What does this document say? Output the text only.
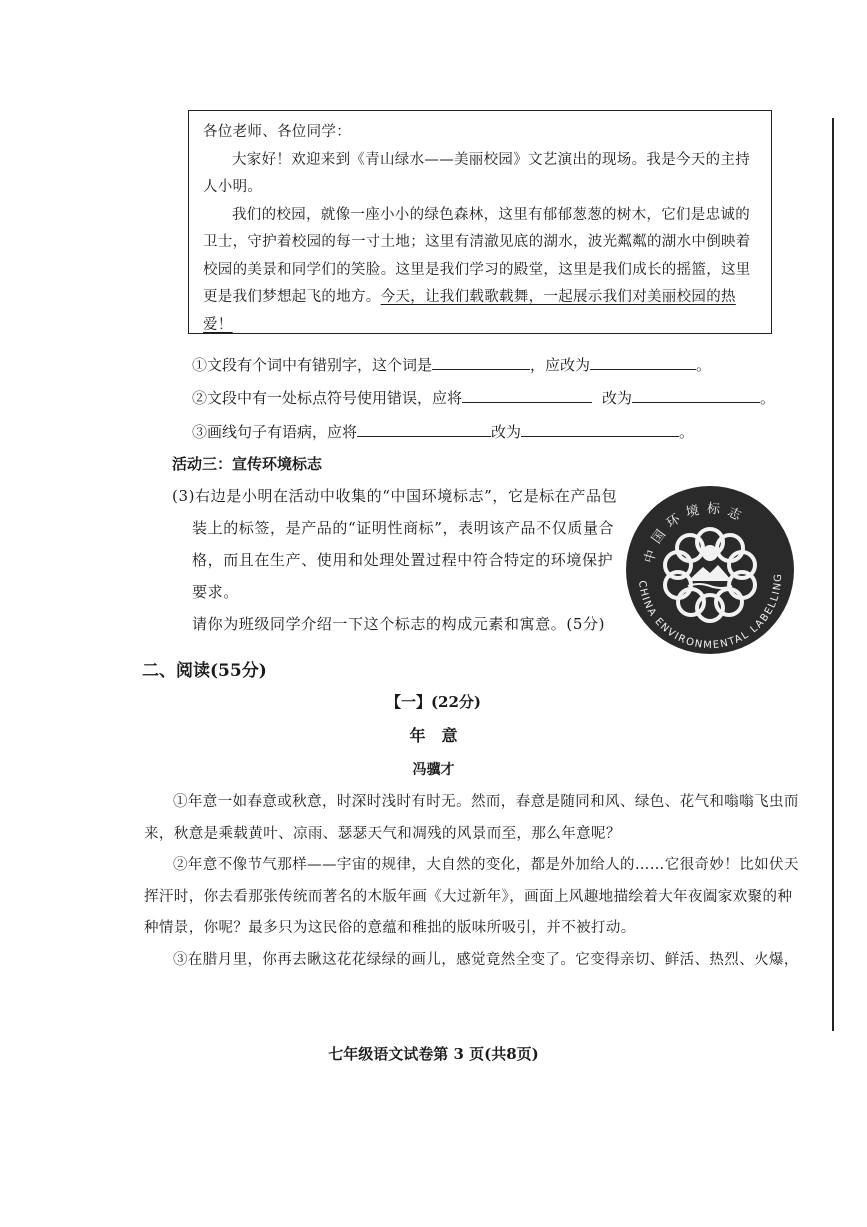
各位老师、各位同学：

大家好！欢迎来到《青山绿水——美丽校园》文艺演出的现场。我是今天的主持人小明。

我们的校园，就像一座小小的绿色森林，这里有郁郁葱葱的树木，它们是忠诚的卫士，守护着校园的每一寸土地；这里有清澈见底的湖水，波光粼粼的湖水中倒映着校园的美景和同学们的笑脸。这里是我们学习的殿堂，这里是我们成长的摇篮，这里更是我们梦想起飞的地方。今天，让我们载歌载舞，一起展示我们对美丽校园的热爱！

①文段有个词中有错别字，这个词是	，应改为	。
②文段中有一处标点符号使用错误，应将	改为	。
③画线句子有语病，应将	改为	。
活动三：宣传环境标志

(3)右边是小明在活动中收集的“中国环境标志”，它是标在产品包

装上的标签，是产品的“证明性商标”，表明该产品不仅质量合

格，而且在生产、使用和处理处置过程中符合特定的环境保护

要求。

请你为班级同学介绍一下这个标志的构成元素和寓意。(5分)

中国环境标志
CHINA ENVIRONMENTAL LABELLING
二、阅读(55分)
【一】(22分)
年　意
冯骥才

①年意一如春意或秋意，时深时浅时有时无。然而，春意是随同和风、绿色、花气和嗡嗡飞虫而来，秋意是乘载黄叶、凉雨、瑟瑟天气和凋残的风景而至，那么年意呢？

②年意不像节气那样——宇宙的规律，大自然的变化，都是外加给人的……它很奇妙！比如伏天挥汗时，你去看那张传统而著名的木版年画《大过新年》，画面上风趣地描绘着大年夜阖家欢聚的种种情景，你呢？最多只为这民俗的意蕴和稚拙的版味所吸引，并不被打动。

③在腊月里，你再去瞅这花花绿绿的画儿，感觉竟然全变了。它变得亲切、鲜活、热烈、火爆，

七年级语文试卷第 3 页(共8页)
